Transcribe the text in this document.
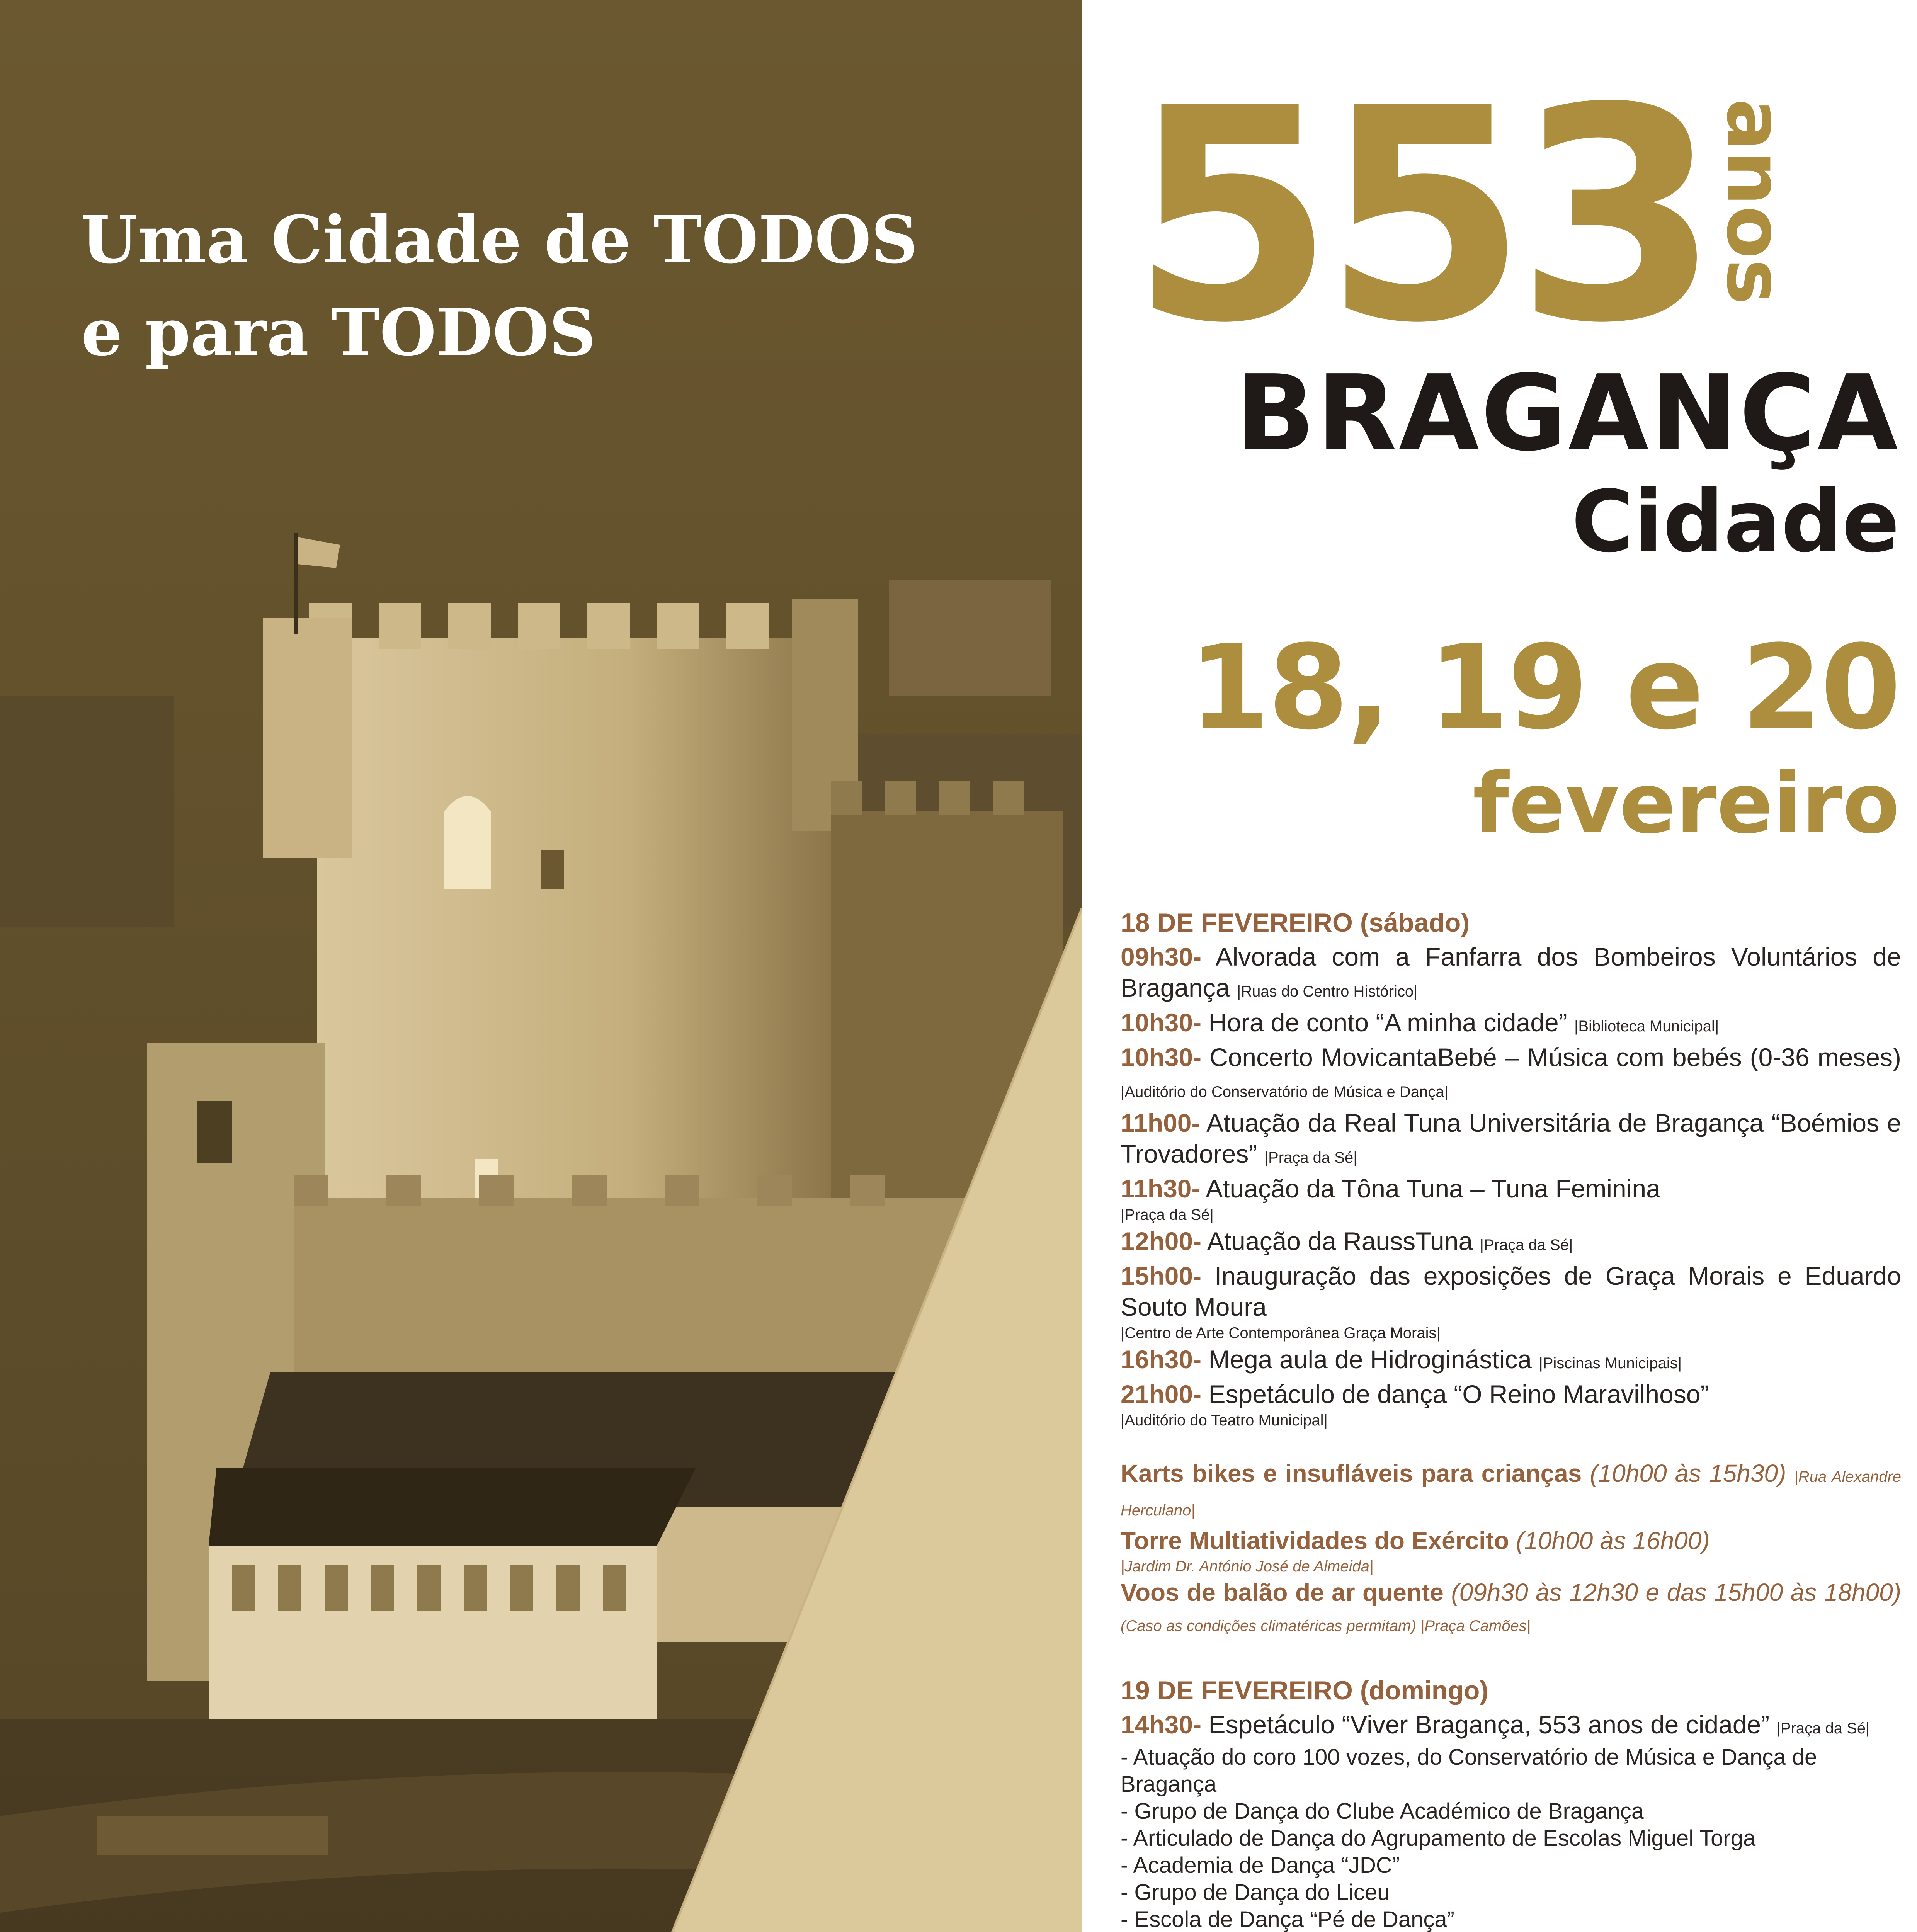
Uma Cidade de TODOS
e para TODOS	553 anos
BRAGANÇA
Cidade
18, 19 e 20
fevereiro
18 DE FEVEREIRO (sábado)
09h30- Alvorada com a Fanfarra dos Bombeiros Voluntários de Bragança |Ruas do Centro Histórico|
10h30- Hora de conto “A minha cidade” |Biblioteca Municipal|
10h30- Concerto MovicantaBebé – Música com bebés (0-36 meses) |Auditório do Conservatório de Música e Dança|
11h00- Atuação da Real Tuna Universitária de Bragança “Boémios e Trovadores” |Praça da Sé|
11h30- Atuação da Tôna Tuna – Tuna Feminina
|Praça da Sé|
12h00- Atuação da RaussTuna |Praça da Sé|
15h00- Inauguração das exposições de Graça Morais e Eduardo Souto Moura
|Centro de Arte Contemporânea Graça Morais|
16h30- Mega aula de Hidroginástica |Piscinas Municipais|
21h00- Espetáculo de dança “O Reino Maravilhoso”
|Auditório do Teatro Municipal|
Karts bikes e insufláveis para crianças (10h00 às 15h30) |Rua Alexandre Herculano|
Torre Multiatividades do Exército (10h00 às 16h00)
|Jardim Dr. António José de Almeida|
Voos de balão de ar quente (09h30 às 12h30 e das 15h00 às 18h00) (Caso as condições climatéricas permitam) |Praça Camões|
19 DE FEVEREIRO (domingo)
14h30- Espetáculo “Viver Bragança, 553 anos de cidade” |Praça da Sé|
- Atuação do coro 100 vozes, do Conservatório de Música e Dança de Bragança
- Grupo de Dança do Clube Académico de Bragança
- Articulado de Dança do Agrupamento de Escolas Miguel Torga
- Academia de Dança “JDC”
- Grupo de Dança do Liceu
- Escola de Dança “Pé de Dança”
